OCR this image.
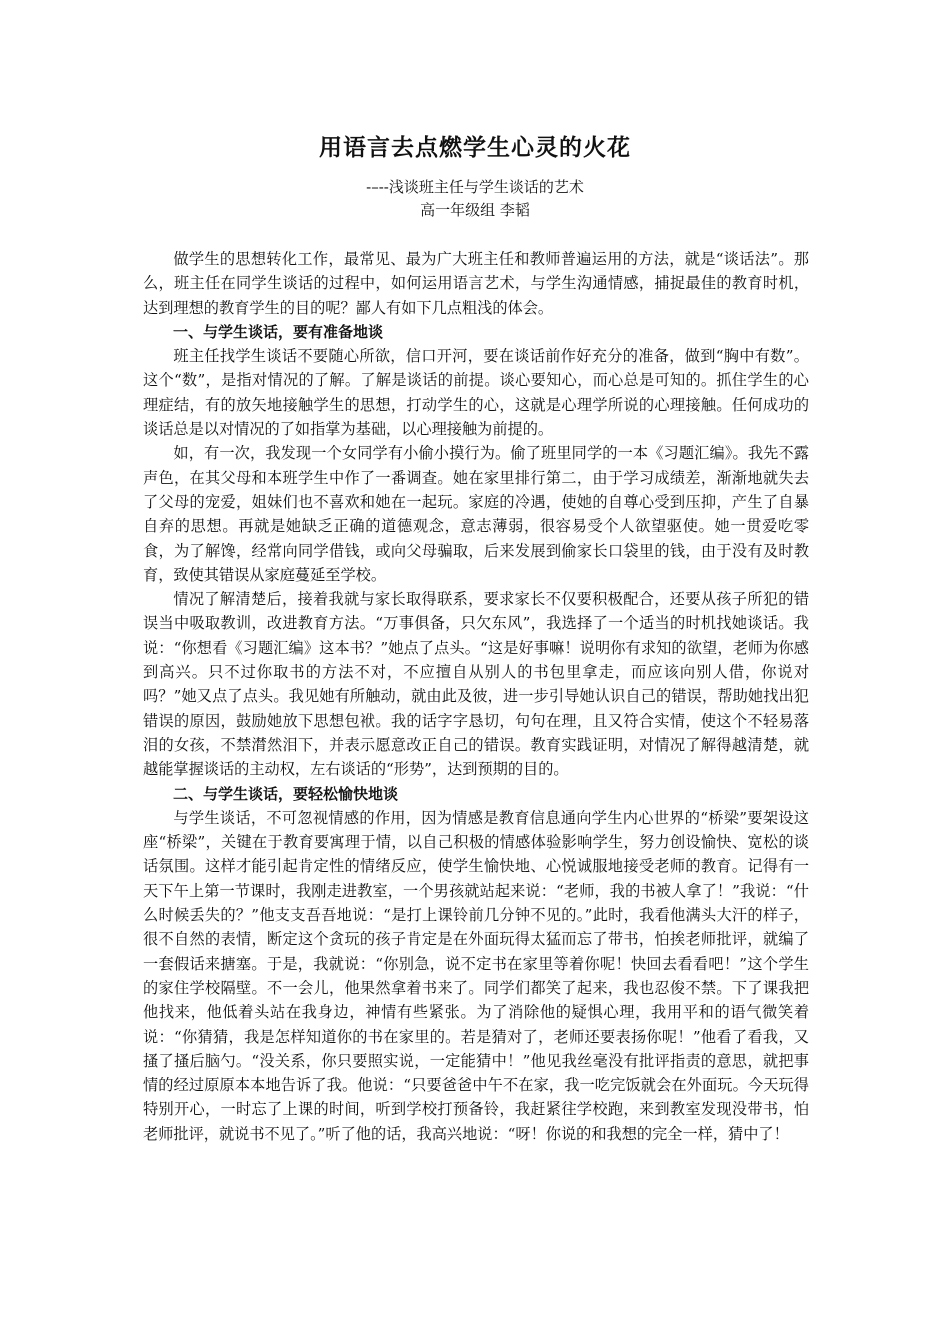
用语言去点燃学生心灵的火花
-–--浅谈班主任与学生谈话的艺术
高一年级组 李韬

做学生的思想转化工作，最常见、最为广大班主任和教师普遍运用的方法，就是“谈话法”。那么，班主任在同学生谈话的过程中，如何运用语言艺术，与学生沟通情感，捕捉最佳的教育时机，达到理想的教育学生的目的呢？鄙人有如下几点粗浅的体会。

一、与学生谈话，要有准备地谈

班主任找学生谈话不要随心所欲，信口开河，要在谈话前作好充分的准备，做到“胸中有数”。这个“数”，是指对情况的了解。了解是谈话的前提。谈心要知心，而心总是可知的。抓住学生的心理症结，有的放矢地接触学生的思想，打动学生的心，这就是心理学所说的心理接触。任何成功的谈话总是以对情况的了如指掌为基础，以心理接触为前提的。

如，有一次，我发现一个女同学有小偷小摸行为。偷了班里同学的一本《习题汇编》。我先不露声色，在其父母和本班学生中作了一番调查。她在家里排行第二，由于学习成绩差，渐渐地就失去了父母的宠爱，姐妹们也不喜欢和她在一起玩。家庭的冷遇，使她的自尊心受到压抑，产生了自暴自弃的思想。再就是她缺乏正确的道德观念，意志薄弱，很容易受个人欲望驱使。她一贯爱吃零食，为了解馋，经常向同学借钱，或向父母骗取，后来发展到偷家长口袋里的钱，由于没有及时教育，致使其错误从家庭蔓延至学校。

情况了解清楚后，接着我就与家长取得联系，要求家长不仅要积极配合，还要从孩子所犯的错误当中吸取教训，改进教育方法。“万事俱备，只欠东风”，我选择了一个适当的时机找她谈话。我说：“你想看《习题汇编》这本书？”她点了点头。“这是好事嘛！说明你有求知的欲望，老师为你感到高兴。只不过你取书的方法不对，不应擅自从别人的书包里拿走，而应该向别人借，你说对吗？”她又点了点头。我见她有所触动，就由此及彼，进一步引导她认识自己的错误，帮助她找出犯错误的原因，鼓励她放下思想包袱。我的话字字恳切，句句在理，且又符合实情，使这个不轻易落泪的女孩，不禁潸然泪下，并表示愿意改正自己的错误。教育实践证明，对情况了解得越清楚，就越能掌握谈话的主动权，左右谈话的“形势”，达到预期的目的。

二、与学生谈话，要轻松愉快地谈

与学生谈话，不可忽视情感的作用，因为情感是教育信息通向学生内心世界的“桥梁”要架设这座“桥梁”，关键在于教育要寓理于情，以自己积极的情感体验影响学生，努力创设愉快、宽松的谈话氛围。这样才能引起肯定性的情绪反应，使学生愉快地、心悦诚服地接受老师的教育。记得有一天下午上第一节课时，我刚走进教室，一个男孩就站起来说：“老师，我的书被人拿了！”我说：“什么时候丢失的？”他支支吾吾地说：“是打上课铃前几分钟不见的。”此时，我看他满头大汗的样子，很不自然的表情，断定这个贪玩的孩子肯定是在外面玩得太猛而忘了带书，怕挨老师批评，就编了一套假话来搪塞。于是，我就说：“你别急，说不定书在家里等着你呢！快回去看看吧！”这个学生的家住学校隔壁。不一会儿，他果然拿着书来了。同学们都笑了起来，我也忍俊不禁。下了课我把他找来，他低着头站在我身边，神情有些紧张。为了消除他的疑惧心理，我用平和的语气微笑着说：“你猜猜，我是怎样知道你的书在家里的。若是猜对了，老师还要表扬你呢！”他看了看我，又搔了搔后脑勺。“没关系，你只要照实说，一定能猜中！”他见我丝毫没有批评指责的意思，就把事情的经过原原本本地告诉了我。他说：“只要爸爸中午不在家，我一吃完饭就会在外面玩。今天玩得特别开心，一时忘了上课的时间，听到学校打预备铃，我赶紧往学校跑，来到教室发现没带书，怕老师批评，就说书不见了。”听了他的话，我高兴地说：“呀！你说的和我想的完全一样，猜中了！
